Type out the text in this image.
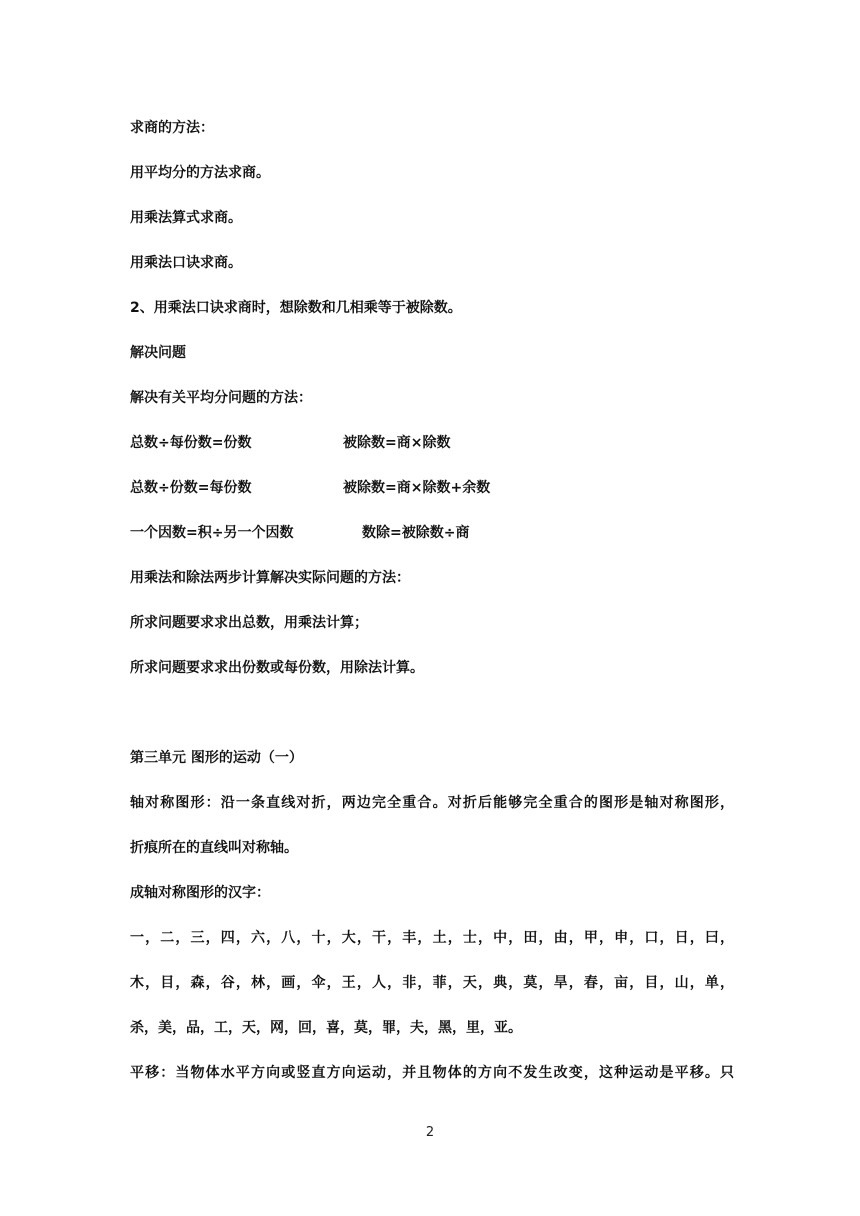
求商的方法：
用平均分的方法求商。
用乘法算式求商。
用乘法口诀求商。
2、用乘法口诀求商时，想除数和几相乘等于被除数。
解决问题
解决有关平均分问题的方法：
总数÷每份数=份数	被除数=商×除数
总数÷份数=每份数	被除数=商×除数+余数
一个因数=积÷另一个因数	数除=被除数÷商
用乘法和除法两步计算解决实际问题的方法：
所求问题要求求出总数，用乘法计算；
所求问题要求求出份数或每份数，用除法计算。
第三单元 图形的运动（一）
轴对称图形：沿一条直线对折，两边完全重合。对折后能够完全重合的图形是轴对称图形，
折痕所在的直线叫对称轴。
成轴对称图形的汉字：
一，二，三，四，六，八，十，大，干，丰，土，士，中，田，由，甲，申，口，日，曰，
木，目，森，谷，林，画，伞，王，人，非，菲，天，典，莫，旱，春，亩，目，山，单，
杀，美，品，工，天，网，回，喜，莫，罪，夫，黑，里，亚。
平移：当物体水平方向或竖直方向运动，并且物体的方向不发生改变，这种运动是平移。只
2
